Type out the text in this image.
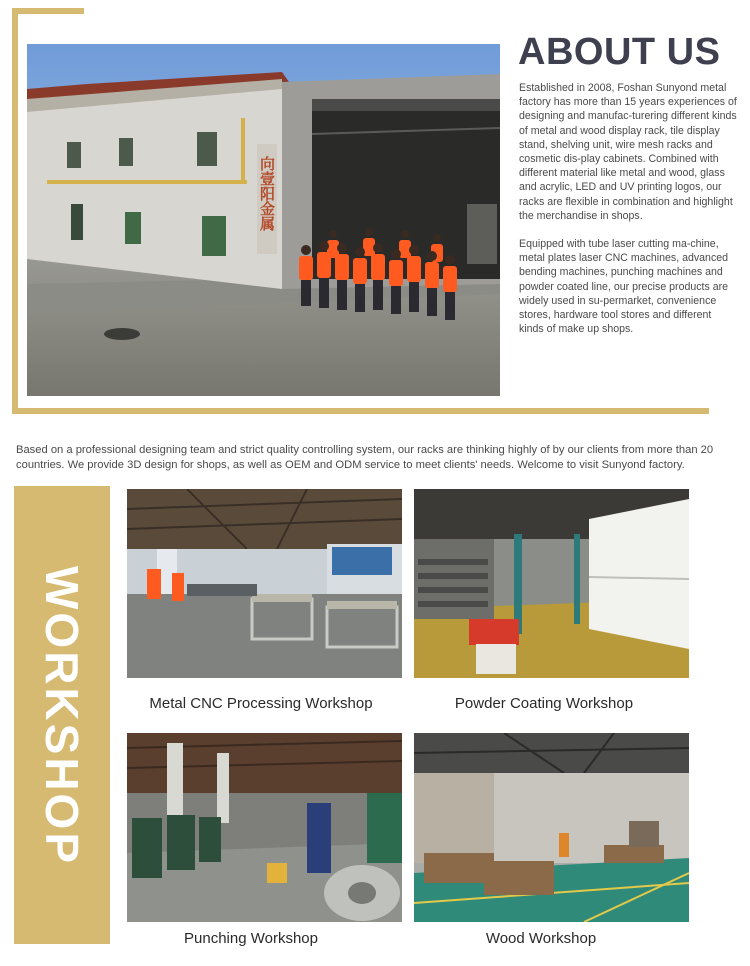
向壹阳金属
ABOUT US

Established in 2008, Foshan Sunyond metal factory has more than 15 years experiences of designing and manufac-turering different kinds of metal and wood display rack, tile display stand, shelving unit, wire mesh racks and cosmetic dis-play cabinets. Combined with different material like metal and wood, glass and acrylic, LED and UV printing logos, our racks are flexible in combination and highlight the merchandise in shops.

Equipped with tube laser cutting ma-chine, metal plates laser CNC machines, advanced bending machines, punching machines and powder coated line, our precise products are widely used in su-permarket, convenience stores, hardware tool stores and different kinds of make up shops.

Based on a professional designing team and strict quality controlling system, our racks are thinking highly of by our clients from more than 20 countries. We provide 3D design for shops, as well as OEM and ODM service to meet clients' needs. Welcome to visit Sunyond factory.
WORKSHOP	Metal CNC Processing Workshop	Powder Coating Workshop
Punching Workshop	Wood Workshop
